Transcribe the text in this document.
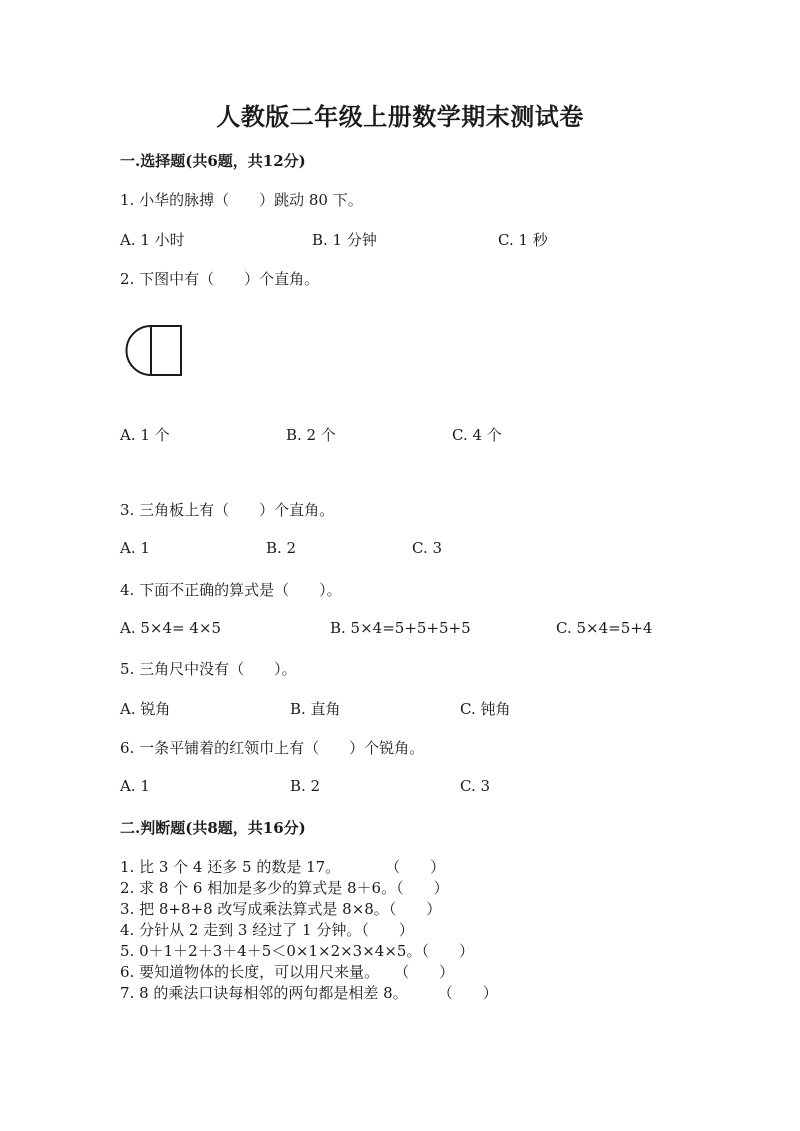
人教版二年级上册数学期末测试卷
一.选择题(共6题，共12分)
1. 小华的脉搏（　　）跳动 80 下。
A. 1 小时	B. 1 分钟	C. 1 秒
2. 下图中有（　　）个直角。
A. 1 个	B. 2 个	C. 4 个
3. 三角板上有（　　）个直角。
A. 1	B. 2	C. 3
4. 下面不正确的算式是（　　）。
A. 5×4= 4×5	B. 5×4=5+5+5+5	C. 5×4=5+4
5. 三角尺中没有（　　）。
A. 锐角	B. 直角	C. 钝角
6. 一条平铺着的红领巾上有（　　）个锐角。
A. 1	B. 2	C. 3
二.判断题(共8题，共16分)
1. 比 3 个 4 还多 5 的数是 17。　　　　（　　）
2. 求 8 个 6 相加是多少的算式是 8＋6。（　　）
3. 把 8+8+8 改写成乘法算式是 8×8。（　　）
4. 分针从 2 走到 3 经过了 1 分钟。（　　）
5. 0＋1＋2＋3＋4＋5＜0×1×2×3×4×5。（　　）
6. 要知道物体的长度，可以用尺来量。　　（　　）
7. 8 的乘法口诀每相邻的两句都是相差 8。　　　（　　）
